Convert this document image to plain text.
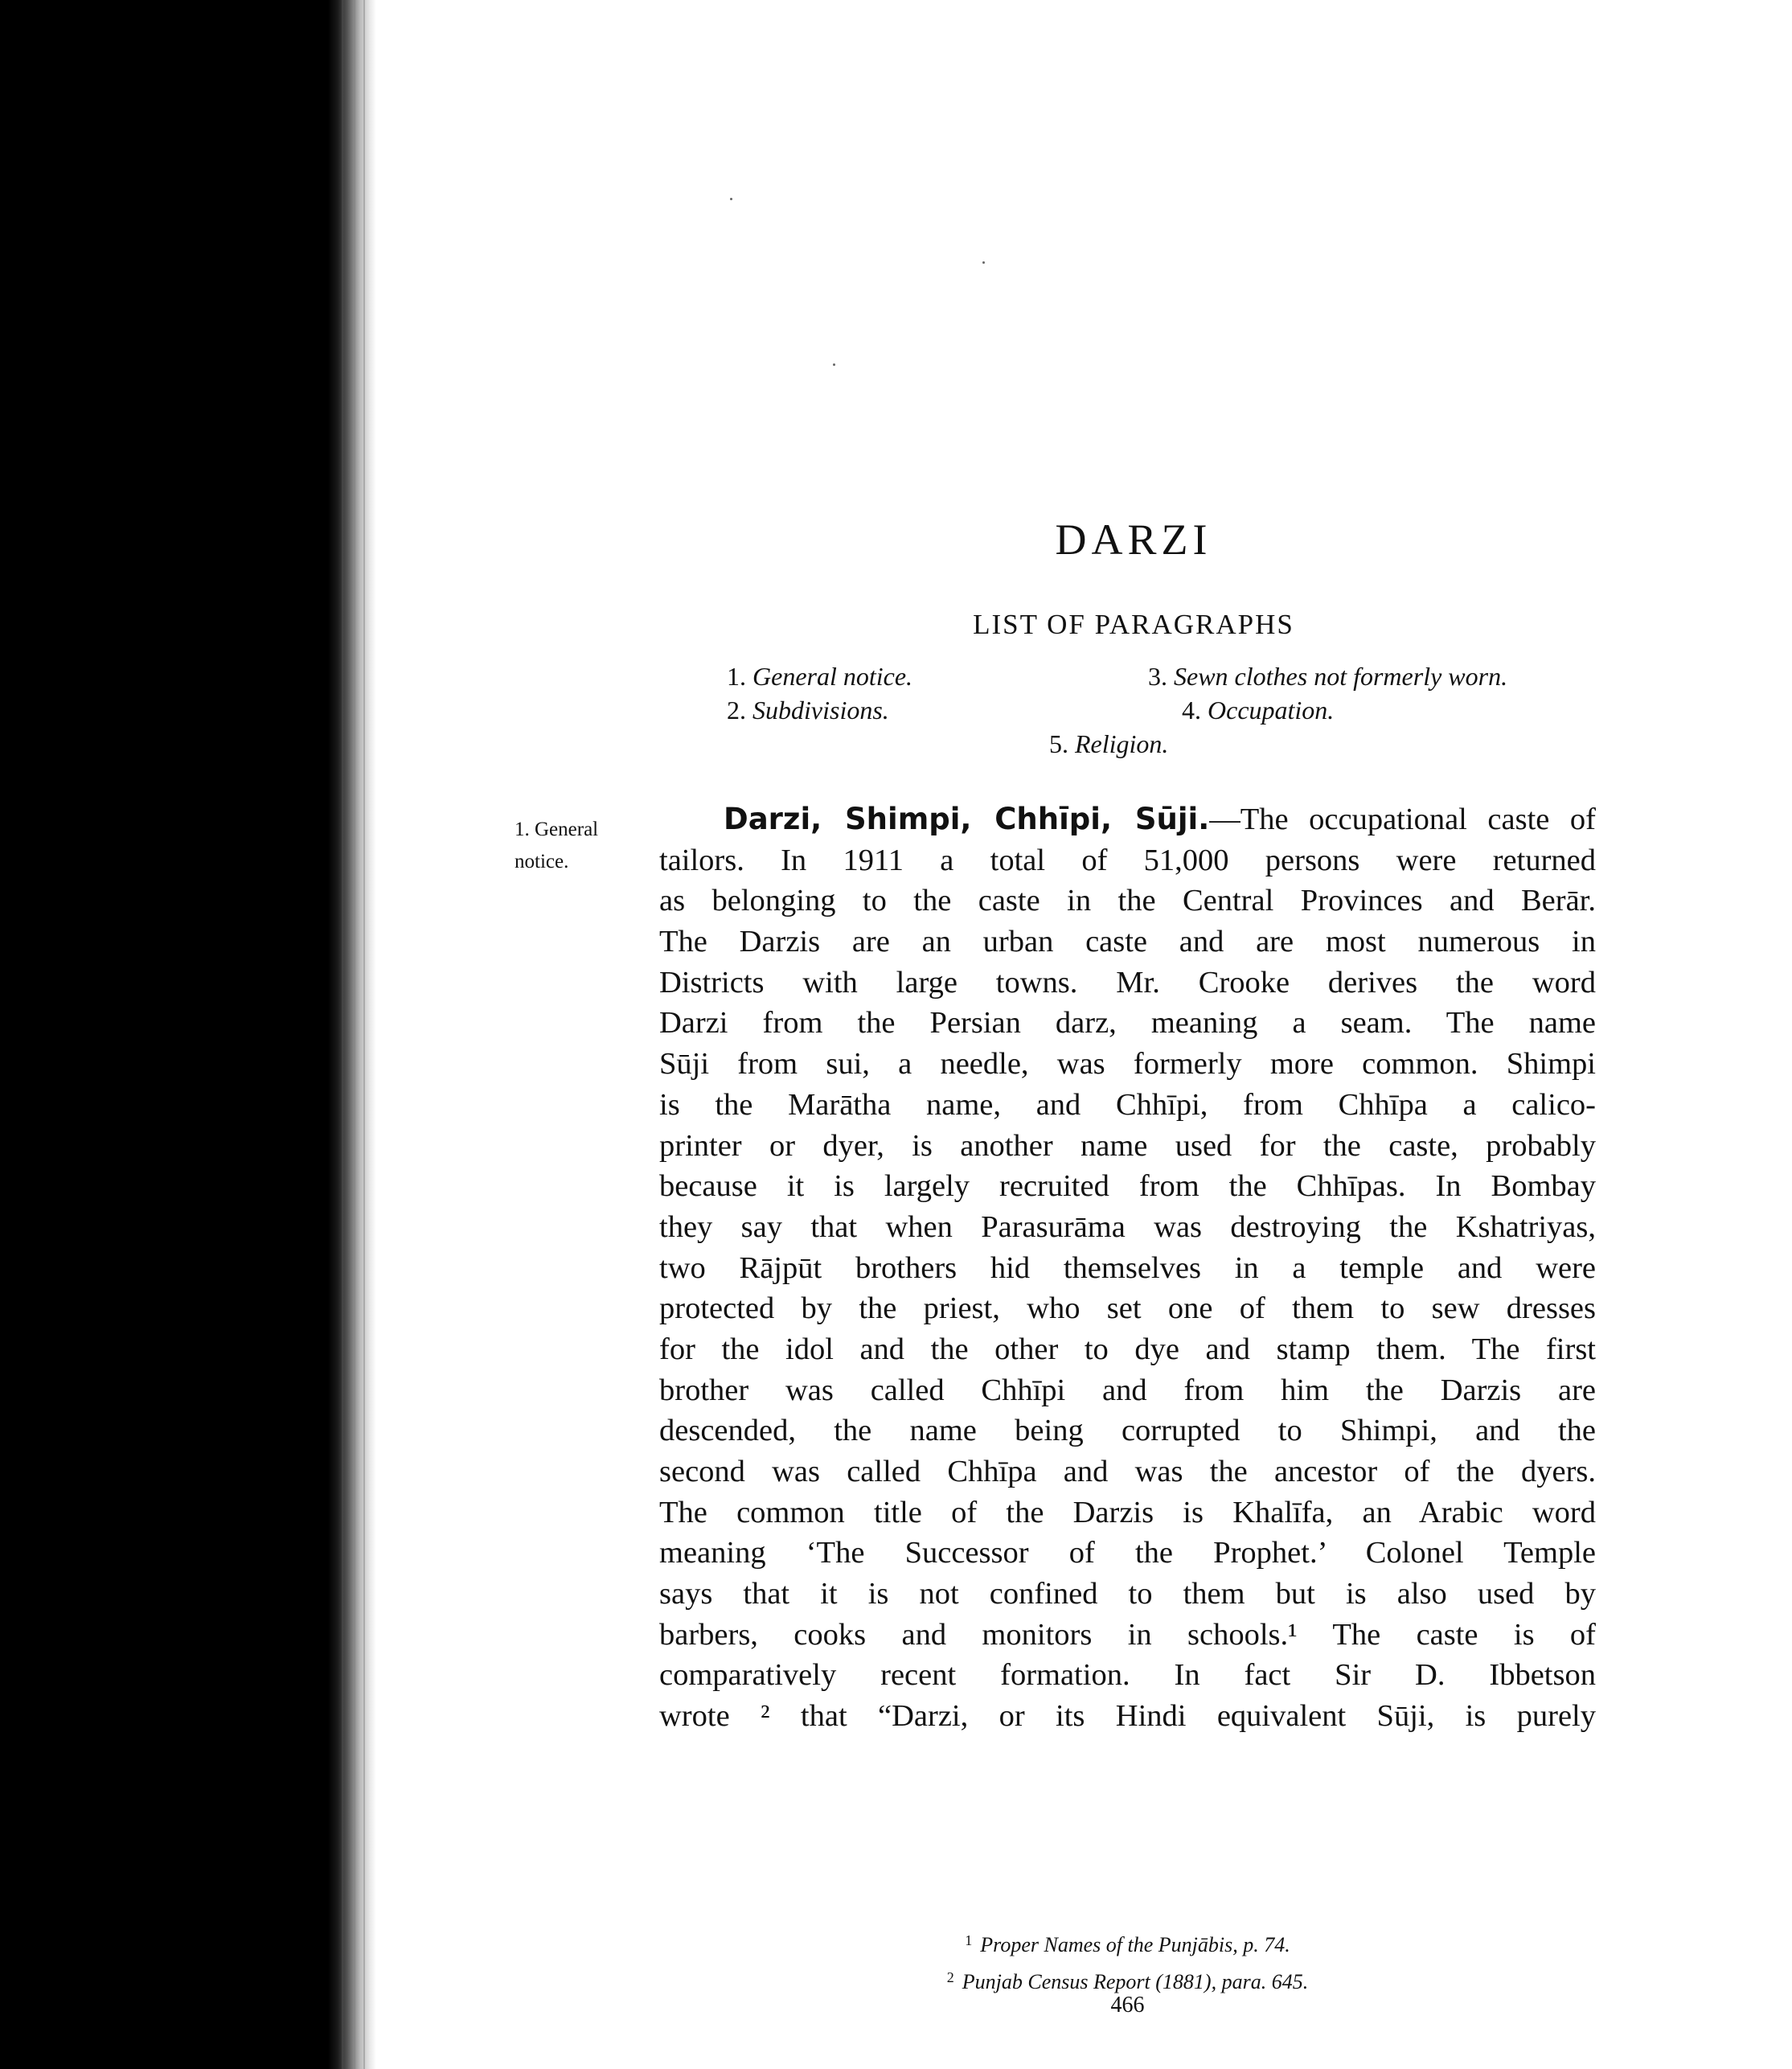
DARZI
LIST OF PARAGRAPHS
1. General notice.
2. Subdivisions.
3. Sewn clothes not formerly worn.
4. Occupation.
5. Religion.
1. General
notice.
Darzi, Shimpi, Chhīpi, Sūji.—The occupational caste of
tailors. In 1911 a total of 51,000 persons were returned
as belonging to the caste in the Central Provinces and Berār.
The Darzis are an urban caste and are most numerous in
Districts with large towns. Mr. Crooke derives the word
Darzi from the Persian darz, meaning a seam. The name
Sūji from sui, a needle, was formerly more common. Shimpi
is the Marātha name, and Chhīpi, from Chhīpa a calico-
printer or dyer, is another name used for the caste, probably
because it is largely recruited from the Chhīpas. In Bombay
they say that when Parasurāma was destroying the Kshatriyas,
two Rājpūt brothers hid themselves in a temple and were
protected by the priest, who set one of them to sew dresses
for the idol and the other to dye and stamp them. The first
brother was called Chhīpi and from him the Darzis are
descended, the name being corrupted to Shimpi, and the
second was called Chhīpa and was the ancestor of the dyers.
The common title of the Darzis is Khalīfa, an Arabic word
meaning ‘The Successor of the Prophet.’ Colonel Temple
says that it is not confined to them but is also used by
barbers, cooks and monitors in schools.¹ The caste is of
comparatively recent formation. In fact Sir D. Ibbetson
wrote ² that “Darzi, or its Hindi equivalent Sūji, is purely
$^1$ Proper Names of the Punjābis, p. 74.
$^2$ Punjab Census Report (1881), para. 645.
466
